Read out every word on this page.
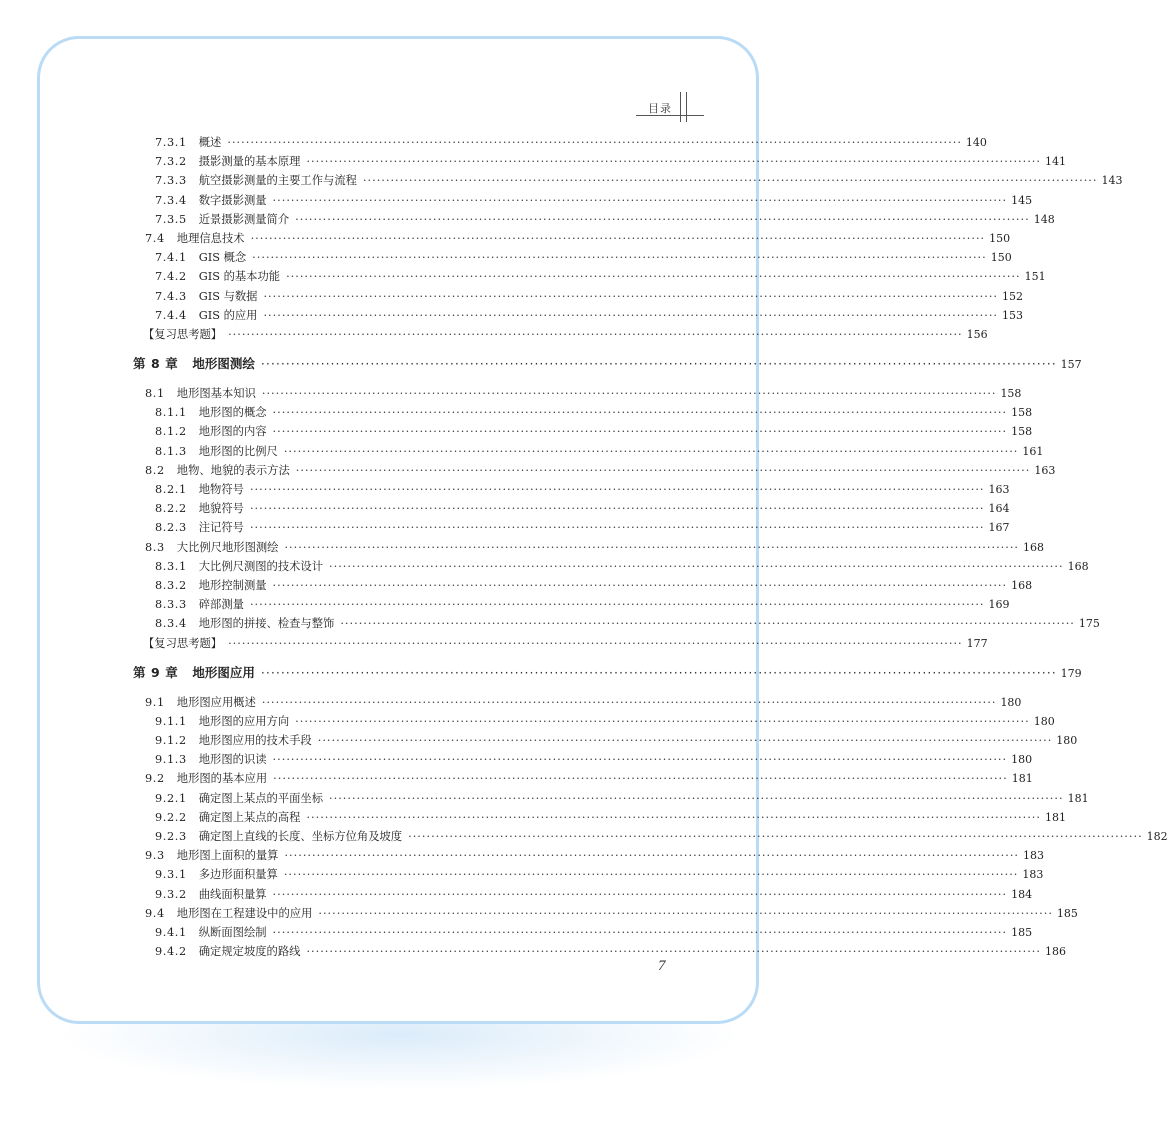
目录
7.3.1 概述 ································································································································································ 140
7.3.2 摄影测量的基本原理 ································································································································································ 141
7.3.3 航空摄影测量的主要工作与流程 ································································································································································ 143
7.3.4 数字摄影测量 ································································································································································ 145
7.3.5 近景摄影测量简介 ································································································································································ 148
7.4 地理信息技术 ································································································································································ 150
7.4.1 GIS 概念 ································································································································································ 150
7.4.2 GIS 的基本功能 ································································································································································ 151
7.4.3 GIS 与数据 ································································································································································ 152
7.4.4 GIS 的应用 ································································································································································ 153
【复习思考题】 ································································································································································ 156
第 8 章 地形图测绘 ································································································································································ 157
8.1 地形图基本知识 ································································································································································ 158
8.1.1 地形图的概念 ································································································································································ 158
8.1.2 地形图的内容 ································································································································································ 158
8.1.3 地形图的比例尺 ································································································································································ 161
8.2 地物、地貌的表示方法 ································································································································································ 163
8.2.1 地物符号 ································································································································································ 163
8.2.2 地貌符号 ································································································································································ 164
8.2.3 注记符号 ································································································································································ 167
8.3 大比例尺地形图测绘 ································································································································································ 168
8.3.1 大比例尺测图的技术设计 ································································································································································ 168
8.3.2 地形控制测量 ································································································································································ 168
8.3.3 碎部测量 ································································································································································ 169
8.3.4 地形图的拼接、检查与整饰 ································································································································································ 175
【复习思考题】 ································································································································································ 177
第 9 章 地形图应用 ································································································································································ 179
9.1 地形图应用概述 ································································································································································ 180
9.1.1 地形图的应用方向 ································································································································································ 180
9.1.2 地形图应用的技术手段 ································································································································································ 180
9.1.3 地形图的识读 ································································································································································ 180
9.2 地形图的基本应用 ································································································································································ 181
9.2.1 确定图上某点的平面坐标 ································································································································································ 181
9.2.2 确定图上某点的高程 ································································································································································ 181
9.2.3 确定图上直线的长度、坐标方位角及坡度 ································································································································································ 182
9.3 地形图上面积的量算 ································································································································································ 183
9.3.1 多边形面积量算 ································································································································································ 183
9.3.2 曲线面积量算 ································································································································································ 184
9.4 地形图在工程建设中的应用 ································································································································································ 185
9.4.1 纵断面图绘制 ································································································································································ 185
9.4.2 确定规定坡度的路线 ································································································································································ 186
7
